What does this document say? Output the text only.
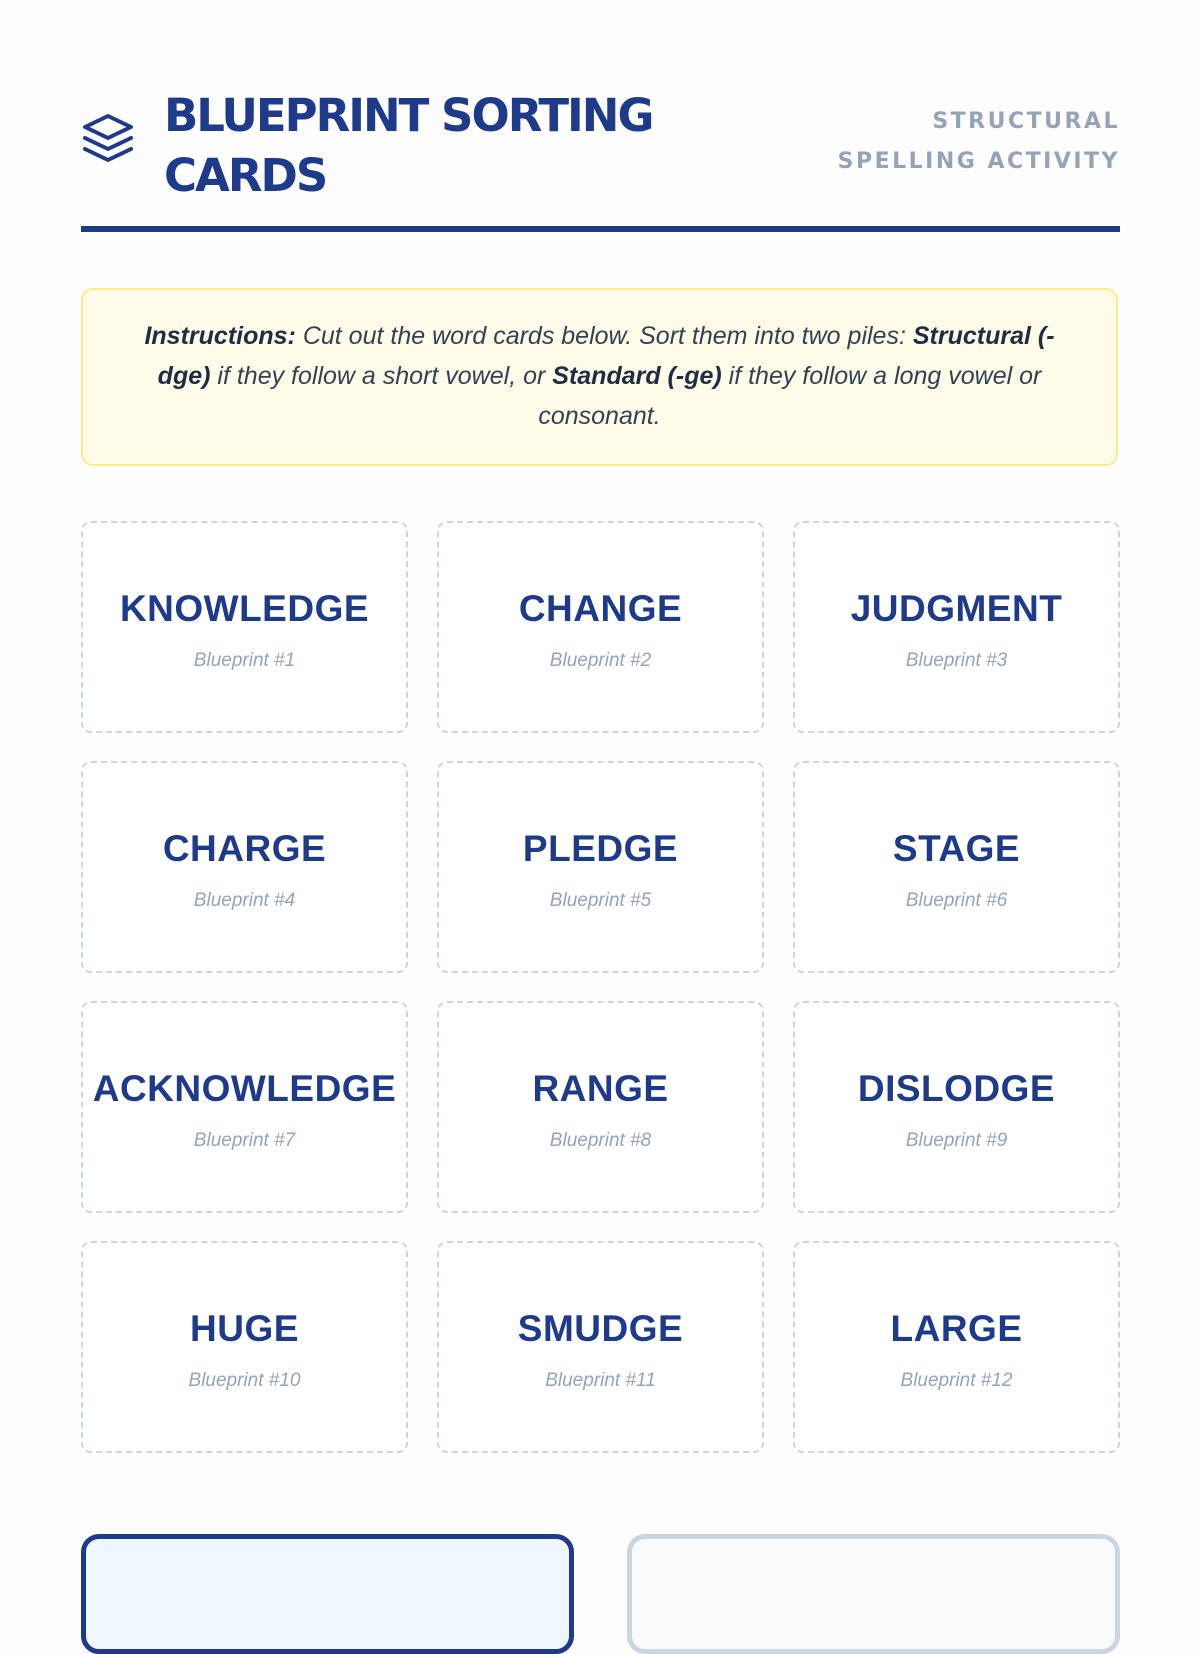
BLUEPRINT SORTING CARDS
STRUCTURAL SPELLING ACTIVITY
Instructions: Cut out the word cards below. Sort them into two piles: Structural (-dge) if they follow a short vowel, or Standard (-ge) if they follow a long vowel or consonant.
KNOWLEDGE
Blueprint #1
CHANGE
Blueprint #2
JUDGMENT
Blueprint #3
CHARGE
Blueprint #4
PLEDGE
Blueprint #5
STAGE
Blueprint #6
ACKNOWLEDGE
Blueprint #7
RANGE
Blueprint #8
DISLODGE
Blueprint #9
HUGE
Blueprint #10
SMUDGE
Blueprint #11
LARGE
Blueprint #12
